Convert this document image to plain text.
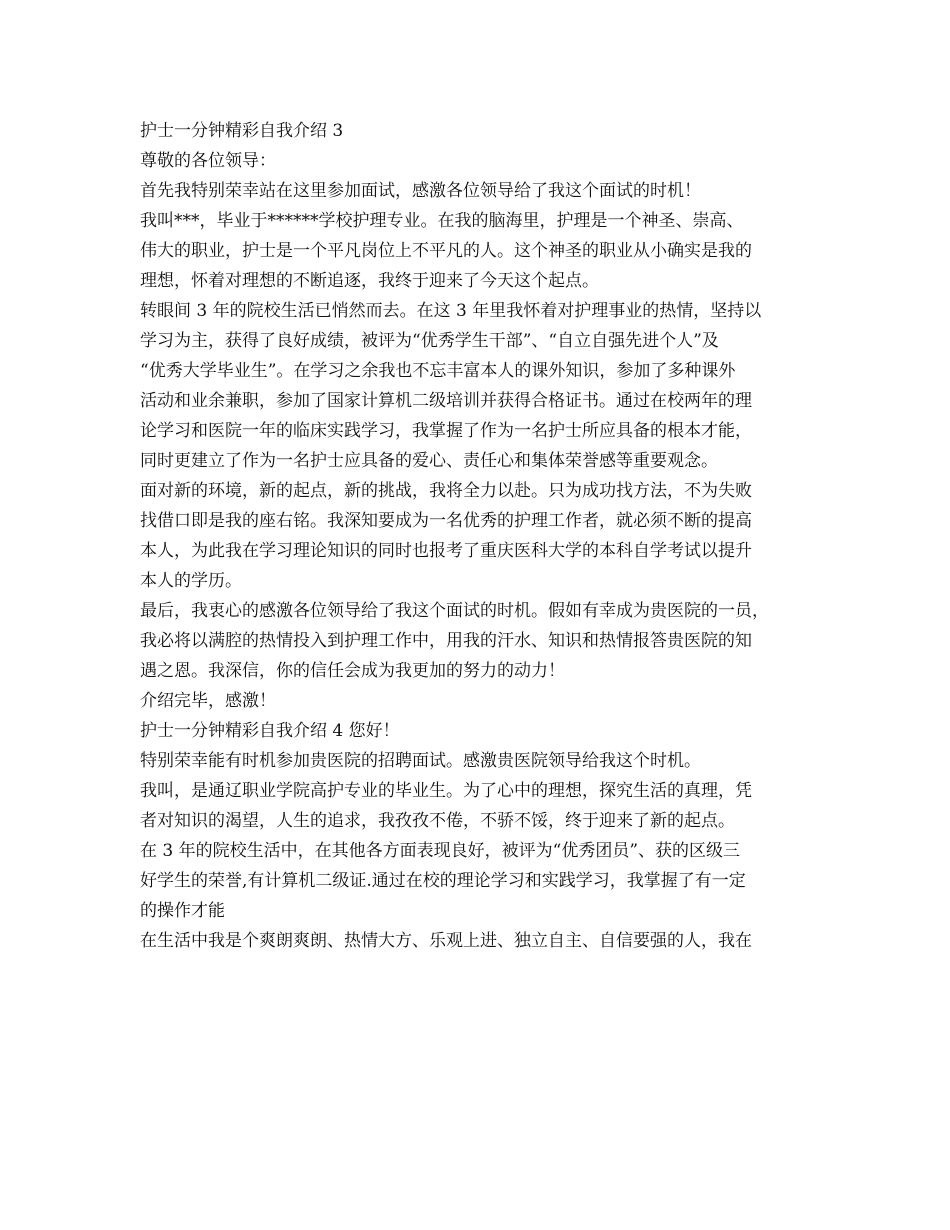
护士一分钟精彩自我介绍 3
尊敬的各位领导：
首先我特别荣幸站在这里参加面试，感激各位领导给了我这个面试的时机！
我叫***，毕业于******学校护理专业。在我的脑海里，护理是一个神圣、崇高、
伟大的职业，护士是一个平凡岗位上不平凡的人。这个神圣的职业从小确实是我的
理想，怀着对理想的不断追逐，我终于迎来了今天这个起点。
转眼间 3 年的院校生活已悄然而去。在这 3 年里我怀着对护理事业的热情，坚持以
学习为主，获得了良好成绩，被评为“优秀学生干部”、“自立自强先进个人”及
“优秀大学毕业生”。在学习之余我也不忘丰富本人的课外知识，参加了多种课外
活动和业余兼职，参加了国家计算机二级培训并获得合格证书。通过在校两年的理
论学习和医院一年的临床实践学习，我掌握了作为一名护士所应具备的根本才能，
同时更建立了作为一名护士应具备的爱心、责任心和集体荣誉感等重要观念。
面对新的环境，新的起点，新的挑战，我将全力以赴。只为成功找方法，不为失败
找借口即是我的座右铭。我深知要成为一名优秀的护理工作者，就必须不断的提高
本人，为此我在学习理论知识的同时也报考了重庆医科大学的本科自学考试以提升
本人的学历。
最后，我衷心的感激各位领导给了我这个面试的时机。假如有幸成为贵医院的一员，
我必将以满腔的热情投入到护理工作中，用我的汗水、知识和热情报答贵医院的知
遇之恩。我深信，你的信任会成为我更加的努力的动力！
介绍完毕，感激！
护士一分钟精彩自我介绍 4 您好！
特别荣幸能有时机参加贵医院的招聘面试。感激贵医院领导给我这个时机。
我叫，是通辽职业学院高护专业的毕业生。为了心中的理想，探究生活的真理，凭
者对知识的渴望，人生的追求，我孜孜不倦，不骄不馁，终于迎来了新的起点。
在 3 年的院校生活中，在其他各方面表现良好，被评为“优秀团员”、获的区级三
好学生的荣誉,有计算机二级证.通过在校的理论学习和实践学习，我掌握了有一定
的操作才能
在生活中我是个爽朗爽朗、热情大方、乐观上进、独立自主、自信要强的人，我在
